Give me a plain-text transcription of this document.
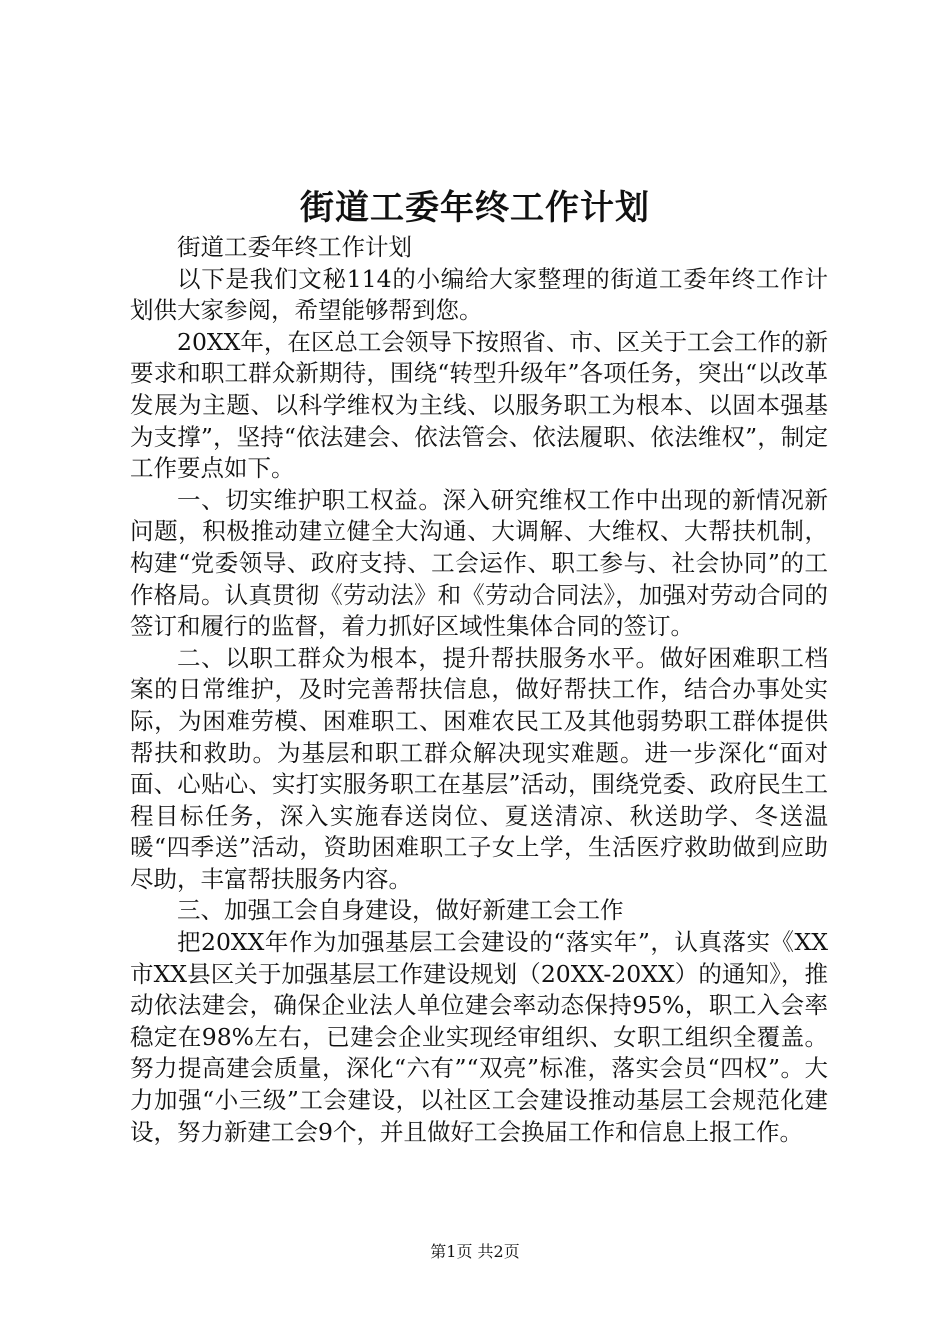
街道工委年终工作计划

街道工委年终工作计划

以下是我们文秘114的小编给大家整理的街道工委年终工作计划供大家参阅，希望能够帮到您。

20XX年，在区总工会领导下按照省、市、区关于工会工作的新要求和职工群众新期待，围绕“转型升级年”各项任务，突出“以改革发展为主题、以科学维权为主线、以服务职工为根本、以固本强基为支撑”，坚持“依法建会、依法管会、依法履职、依法维权”，制定工作要点如下。

一、切实维护职工权益。深入研究维权工作中出现的新情况新问题，积极推动建立健全大沟通、大调解、大维权、大帮扶机制，构建“党委领导、政府支持、工会运作、职工参与、社会协同”的工作格局。认真贯彻《劳动法》和《劳动合同法》，加强对劳动合同的签订和履行的监督，着力抓好区域性集体合同的签订。

二、以职工群众为根本，提升帮扶服务水平。做好困难职工档案的日常维护，及时完善帮扶信息，做好帮扶工作，结合办事处实际，为困难劳模、困难职工、困难农民工及其他弱势职工群体提供帮扶和救助。为基层和职工群众解决现实难题。进一步深化“面对面、心贴心、实打实服务职工在基层”活动，围绕党委、政府民生工程目标任务，深入实施春送岗位、夏送清凉、秋送助学、冬送温暖“四季送”活动，资助困难职工子女上学，生活医疗救助做到应助尽助，丰富帮扶服务内容。

三、加强工会自身建设，做好新建工会工作

把20XX年作为加强基层工会建设的“落实年”，认真落实《XX市XX县区关于加强基层工作建设规划（20XX-20XX）的通知》，推动依法建会，确保企业法人单位建会率动态保持95%，职工入会率稳定在98%左右，已建会企业实现经审组织、女职工组织全覆盖。努力提高建会质量，深化“六有”“双亮”标准，落实会员“四权”。大力加强“小三级”工会建设，以社区工会建设推动基层工会规范化建设，努力新建工会9个，并且做好工会换届工作和信息上报工作。

第1页 共2页
